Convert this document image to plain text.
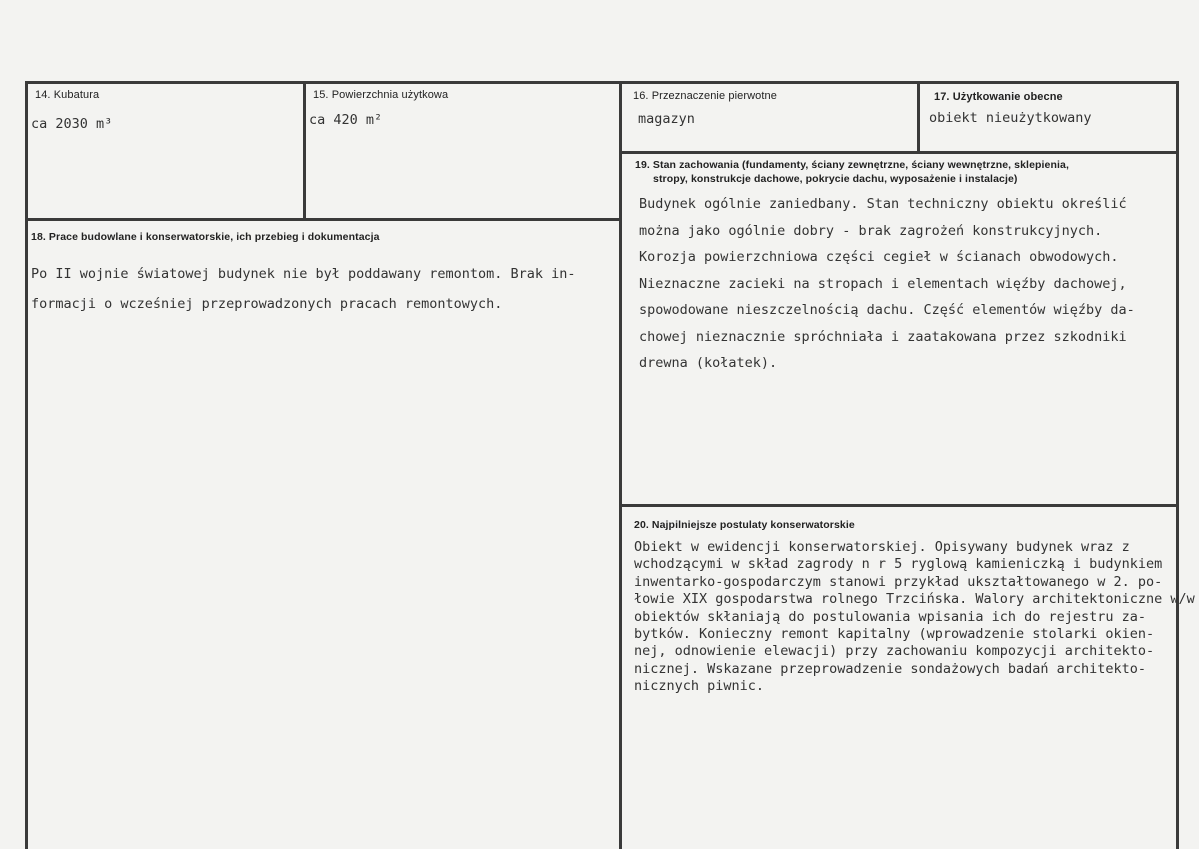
14. Kubatura
ca 2030 m³
15. Powierzchnia użytkowa
ca 420 m²
16. Przeznaczenie pierwotne
magazyn
17. Użytkowanie obecne
obiekt nieużytkowany
18. Prace budowlane i konserwatorskie, ich przebieg i dokumentacja
Po II wojnie światowej budynek nie był poddawany remontom. Brak in-
formacji o wcześniej przeprowadzonych pracach remontowych.
19. Stan zachowania (fundamenty, ściany zewnętrzne, ściany wewnętrzne, sklepienia,
stropy, konstrukcje dachowe, pokrycie dachu, wyposażenie i instalacje)
Budynek ogólnie zaniedbany. Stan techniczny obiektu określić
można jako ogólnie dobry - brak zagrożeń konstrukcyjnych.
Korozja powierzchniowa części cegieł w ścianach obwodowych.
Nieznaczne zacieki na stropach i elementach więźby dachowej,
spowodowane nieszczelnością dachu. Część elementów więźby da-
chowej nieznacznie spróchniała i zaatakowana przez szkodniki
drewna (kołatek).
20. Najpilniejsze postulaty konserwatorskie
Obiekt w ewidencji konserwatorskiej. Opisywany budynek wraz z
wchodzącymi w skład zagrody n r 5 ryglową kamieniczką i budynkiem
inwentarko-gospodarczym stanowi przykład ukształtowanego w 2. po-
łowie XIX gospodarstwa rolnego Trzcińska. Walory architektoniczne w/w
obiektów skłaniają do postulowania wpisania ich do rejestru za-
bytków. Konieczny remont kapitalny (wprowadzenie stolarki okien-
nej, odnowienie elewacji) przy zachowaniu kompozycji architekto-
nicznej. Wskazane przeprowadzenie sondażowych badań architekto-
nicznych piwnic.
